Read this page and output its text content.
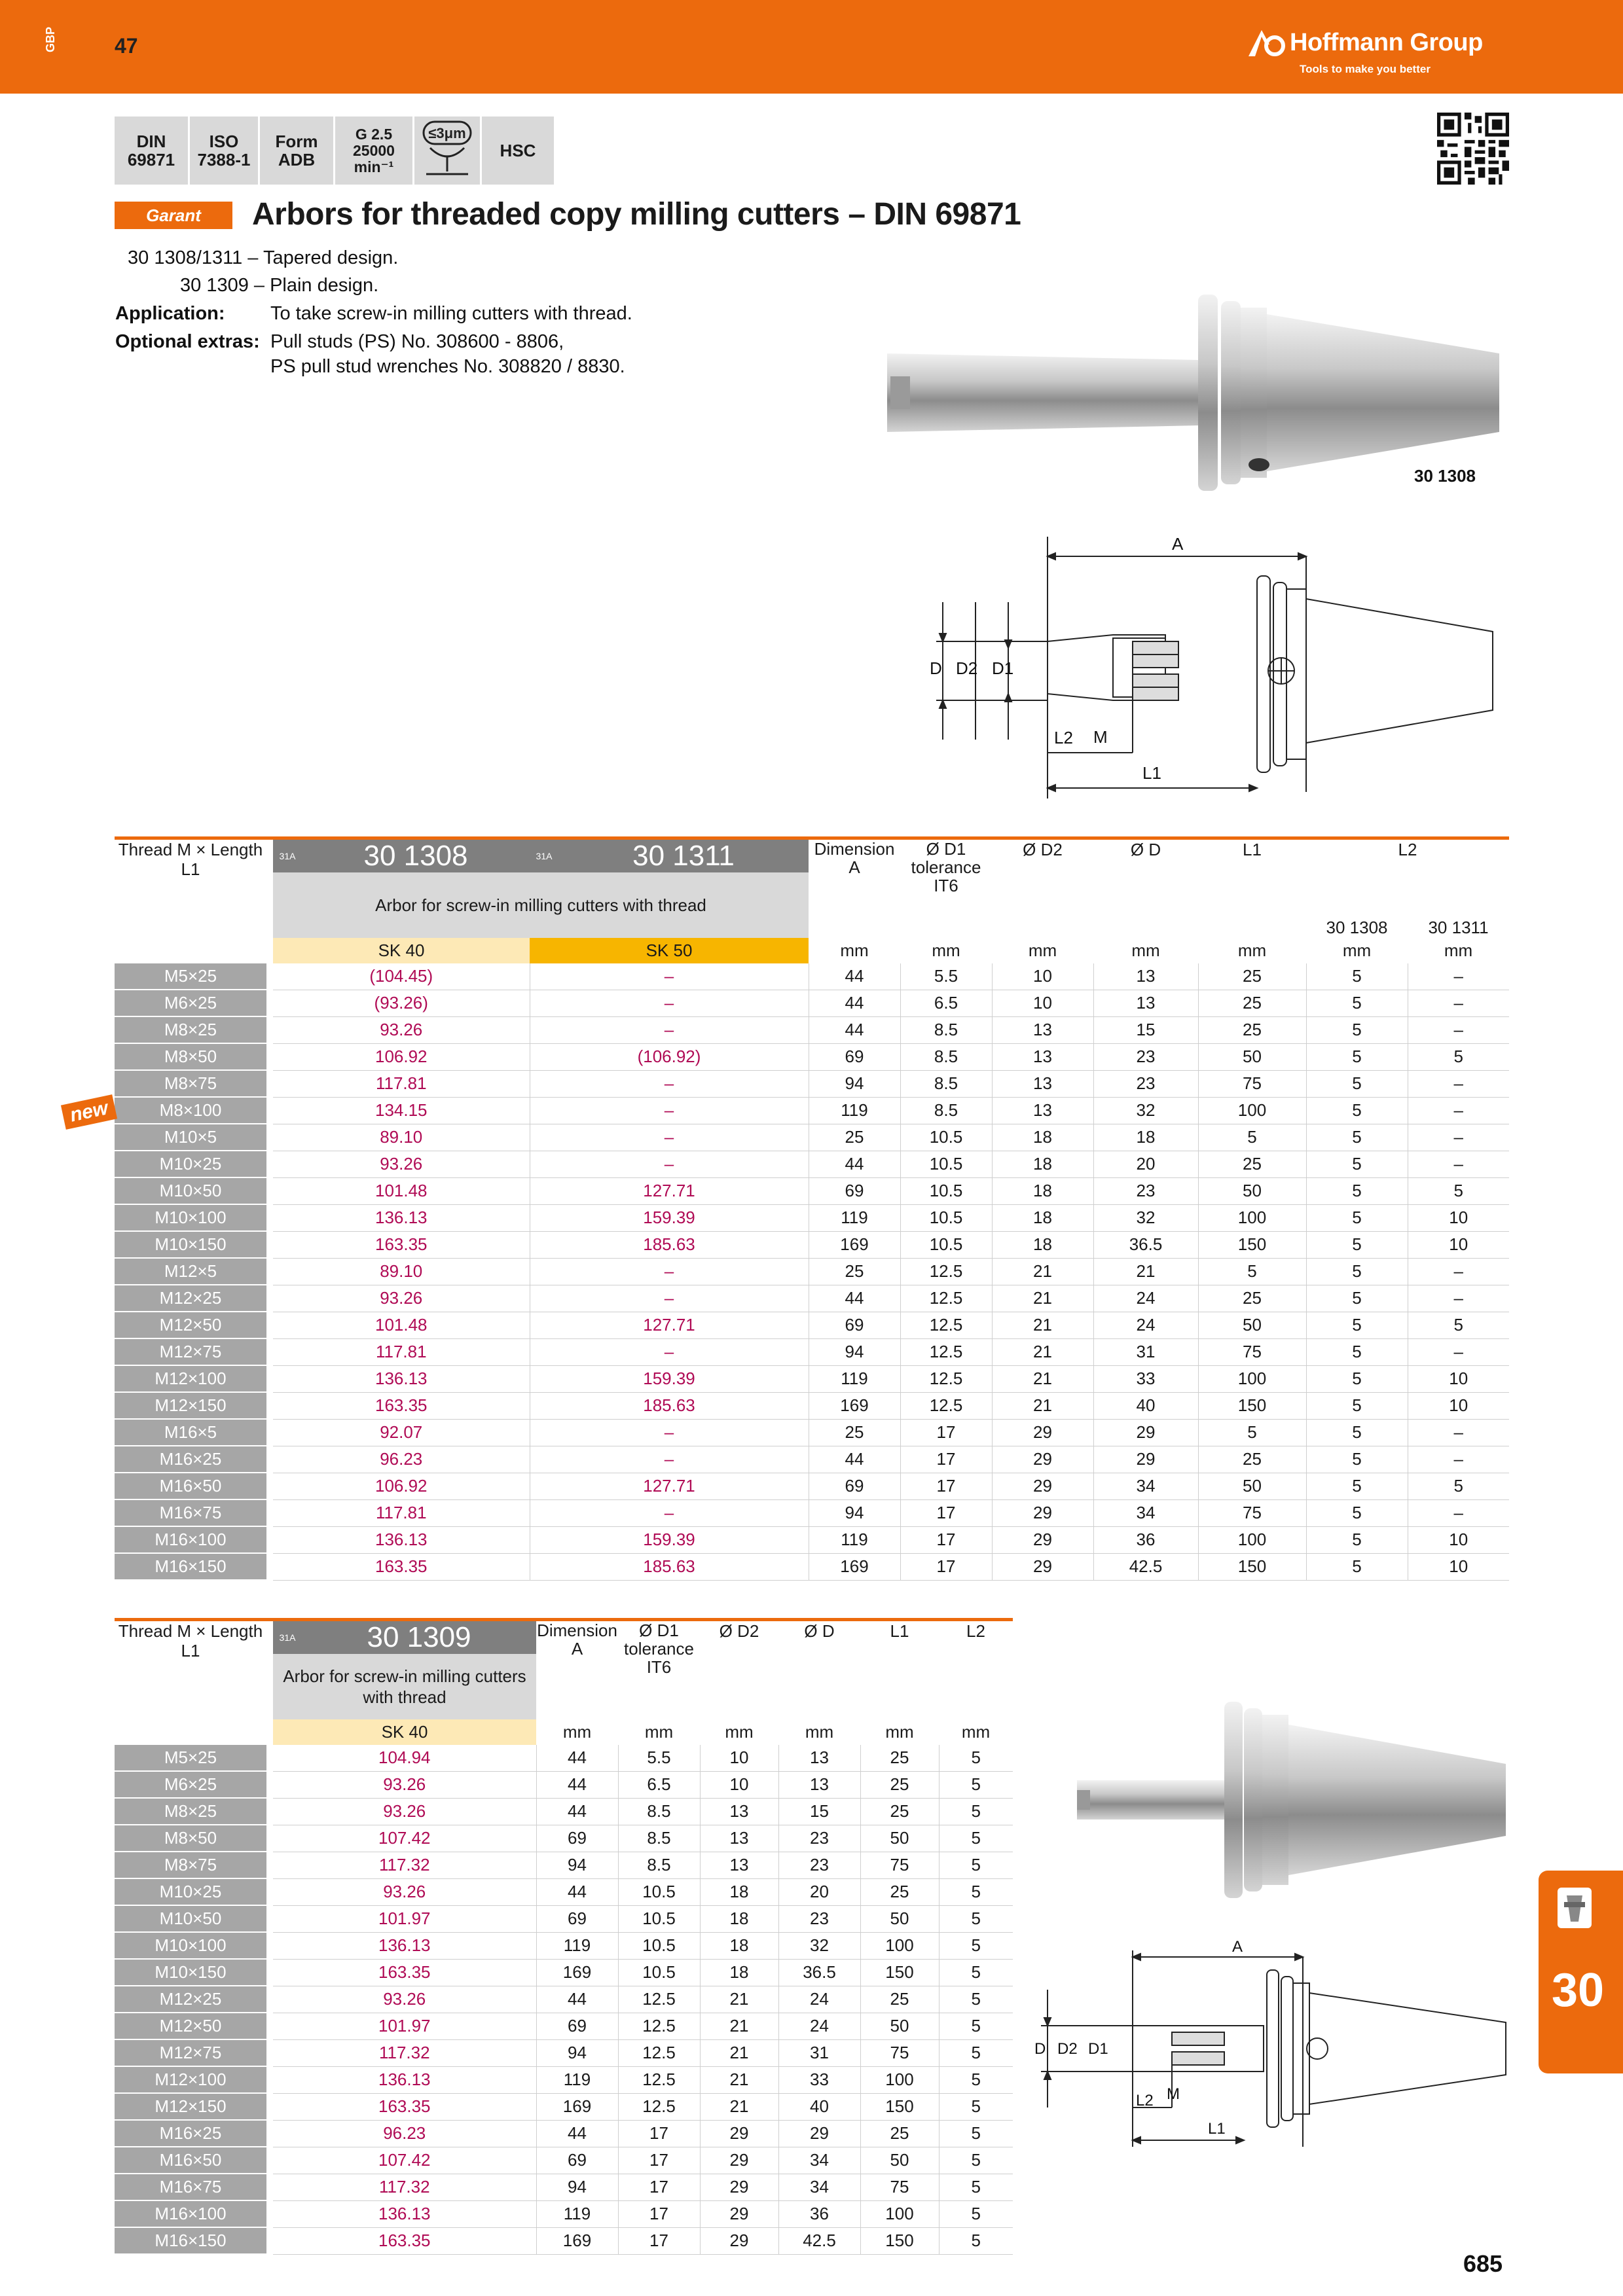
GBP	47	Hoffmann Group
Tools to make you better
DIN
69871
ISO
7388-1
Form
ADB
G 2.5
25000
min⁻¹
≤3μm
HSC
Garant	Arbors for threaded copy milling cutters – DIN 69871
30 1308/1311 – Tapered design.
30 1309 – Plain design.
Application: To take screw-in milling cutters with thread.
Optional extras: Pull studs (PS) No. 308600 - 8806,
PS pull stud wrenches No. 308820 / 8830.
30 1308
A
D D2 D1
M
L2
L1
Thread M × Length
L1		31A	30 1308	31A	30 1311	Dimension A	Ø D1 tolerance IT6	Ø D2	Ø D	L1	L2	
		Arbor for screw-in milling cutters with thread										
											30 1308	30 1311
		SK 40		SK 50		mm	mm	mm	mm	mm	mm	mm
M5×25		(104.45)		–		44	5.5	10	13	25	5	–
M6×25		(93.26)		–		44	6.5	10	13	25	5	–
M8×25		93.26		–		44	8.5	13	15	25	5	–
M8×50		106.92		(106.92)		69	8.5	13	23	50	5	5
M8×75		117.81		–		94	8.5	13	23	75	5	–
M8×100		134.15		–		119	8.5	13	32	100	5	–
M10×5		89.10		–		25	10.5	18	18	5	5	–
M10×25		93.26		–		44	10.5	18	20	25	5	–
M10×50		101.48		127.71		69	10.5	18	23	50	5	5
M10×100		136.13		159.39		119	10.5	18	32	100	5	10
M10×150		163.35		185.63		169	10.5	18	36.5	150	5	10
M12×5		89.10		–		25	12.5	21	21	5	5	–
M12×25		93.26		–		44	12.5	21	24	25	5	–
M12×50		101.48		127.71		69	12.5	21	24	50	5	5
M12×75		117.81		–		94	12.5	21	31	75	5	–
M12×100		136.13		159.39		119	12.5	21	33	100	5	10
M12×150		163.35		185.63		169	12.5	21	40	150	5	10
M16×5		92.07		–		25	17	29	29	5	5	–
M16×25		96.23		–		44	17	29	29	25	5	–
M16×50		106.92		127.71		69	17	29	34	50	5	5
M16×75		117.81		–		94	17	29	34	75	5	–
M16×100		136.13		159.39		119	17	29	36	100	5	10
M16×150		163.35		185.63		169	17	29	42.5	150	5	10
new
Thread M × Length
L1		31A	30 1309	Dimension A	Ø D1 tolerance IT6	Ø D2	Ø D	L1	L2
		Arbor for screw-in milling cutters with thread							
		SK 40		mm	mm	mm	mm	mm	mm
M5×25		104.94		44	5.5	10	13	25	5
M6×25		93.26		44	6.5	10	13	25	5
M8×25		93.26		44	8.5	13	15	25	5
M8×50		107.42		69	8.5	13	23	50	5
M8×75		117.32		94	8.5	13	23	75	5
M10×25		93.26		44	10.5	18	20	25	5
M10×50		101.97		69	10.5	18	23	50	5
M10×100		136.13		119	10.5	18	32	100	5
M10×150		163.35		169	10.5	18	36.5	150	5
M12×25		93.26		44	12.5	21	24	25	5
M12×50		101.97		69	12.5	21	24	50	5
M12×75		117.32		94	12.5	21	31	75	5
M12×100		136.13		119	12.5	21	33	100	5
M12×150		163.35		169	12.5	21	40	150	5
M16×25		96.23		44	17	29	29	25	5
M16×50		107.42		69	17	29	34	50	5
M16×75		117.32		94	17	29	34	75	5
M16×100		136.13		119	17	29	36	100	5
M16×150		163.35		169	17	29	42.5	150	5
A
D D2 D1
M
L2
L1
30
685
